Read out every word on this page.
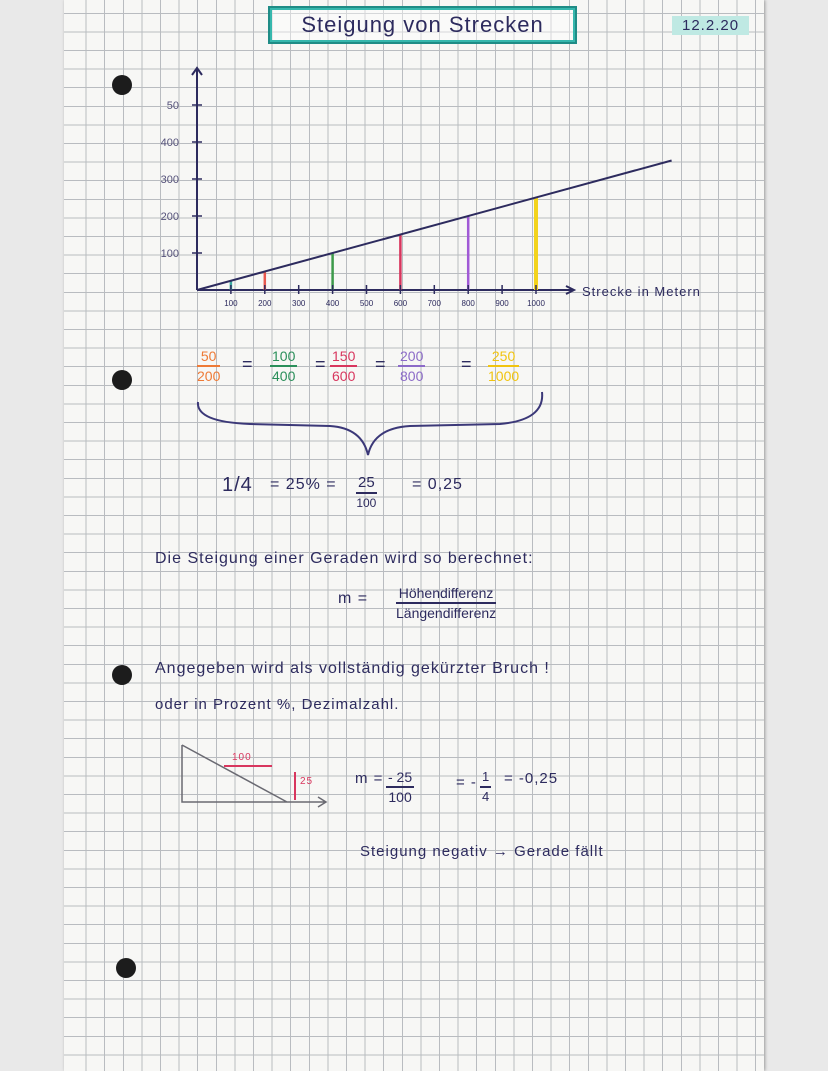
Steigung von Strecken	12.2.20
Strecke in Metern
100	200	300	400	500	600	700	800	900 1000
100
200
300
400
50
$\frac{50}{200} = \frac{100}{400} = \frac{150}{600} = \frac{200}{800} = \frac{250}{1000}$
1/4 = 25% = 25
100
= 0,25
Die Steigung einer Geraden wird so berechnet:
m = Höhendifferenz
Längendifferenz
Angegeben wird als vollständig gekürzter Bruch !
oder in Prozent %, Dezimalzahl.
100
25	$m = \frac{- 25}{100}$	= - $\frac{1}{4} = -0,25$
Steigung negativ → Gerade fällt
